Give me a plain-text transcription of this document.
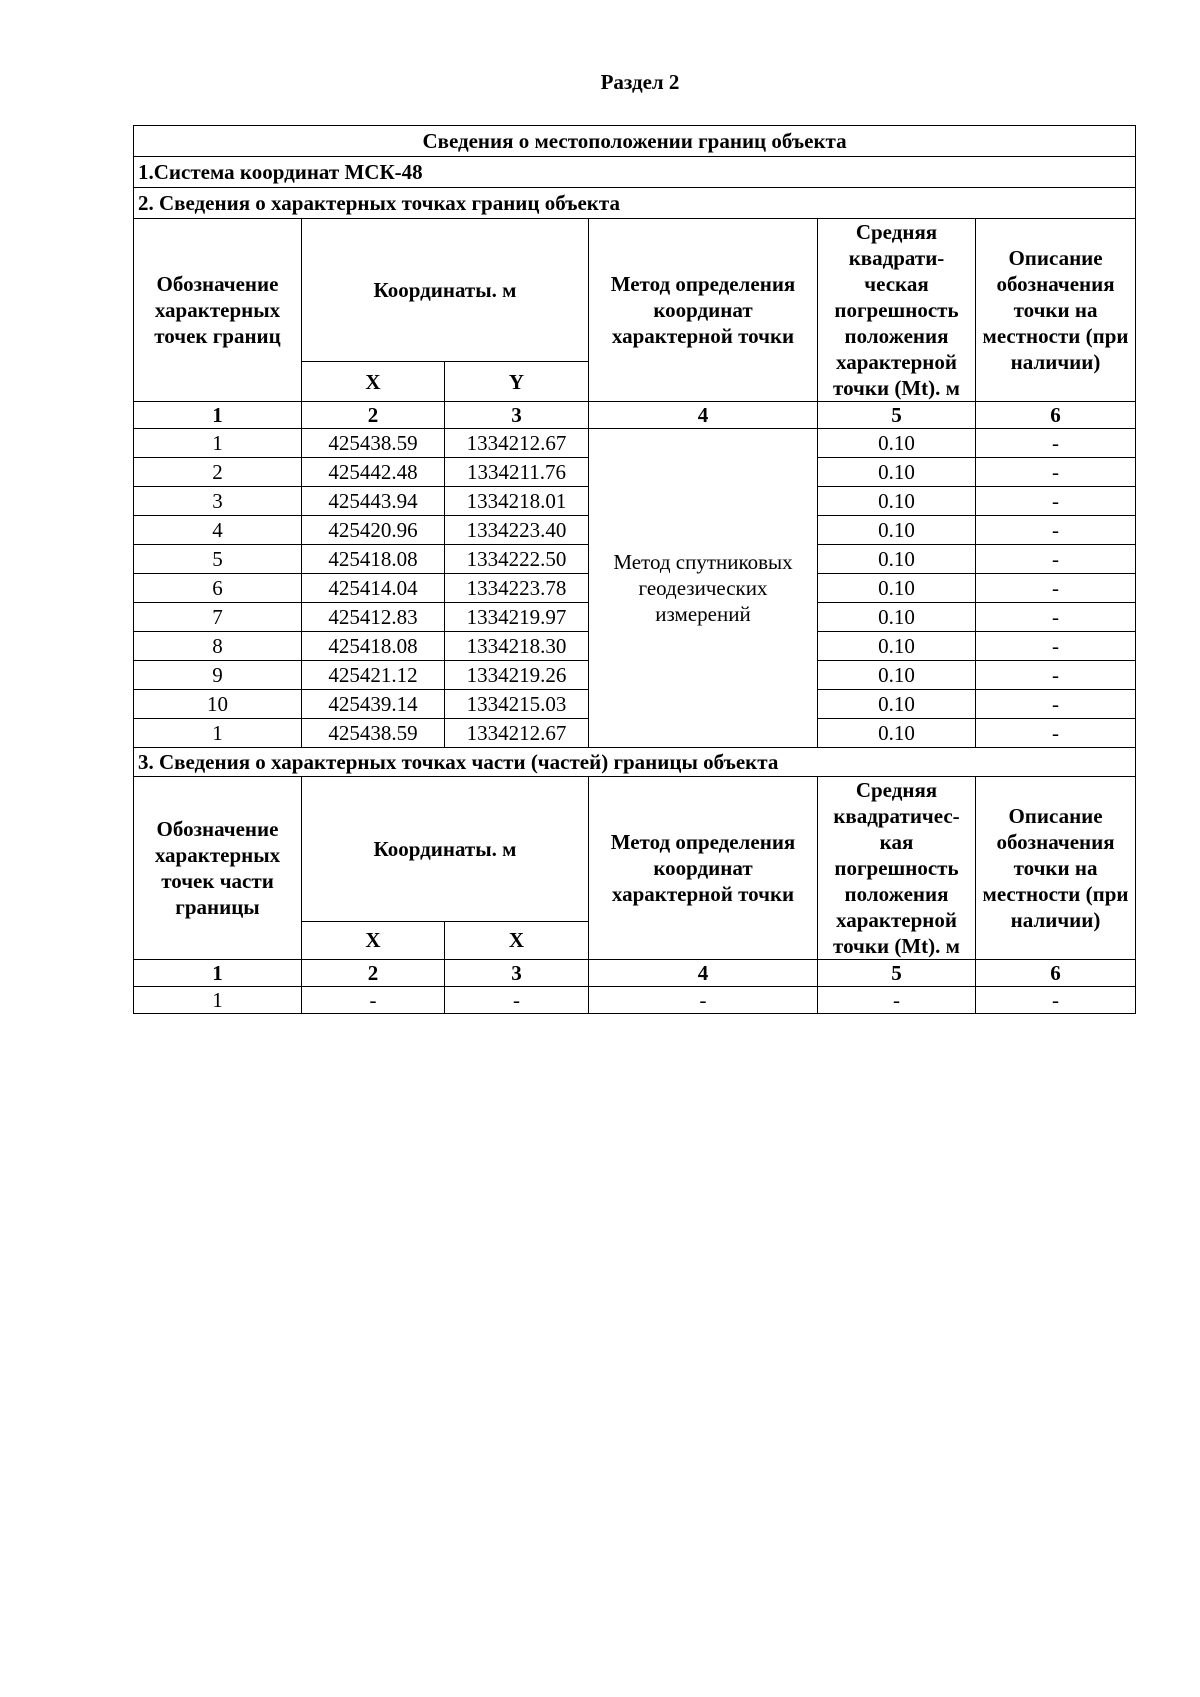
Раздел 2
Сведения о местоположении границ объекта					
1.Система координат МСК-48					
2. Сведения о характерных точках границ объекта					
Обозначение характерных точек границ	Координаты. м		Метод определения координат характерной точки	Средняя квадрати-ческая погрешность положения характерной точки (Mt). м	Описание обозначения точки на местности (при наличии)
	X	Y			
1	2	3	4	5	6
1	425438.59	1334212.67	Метод спутниковых геодезических измерений	0.10	-
2	425442.48	1334211.76		0.10	-
3	425443.94	1334218.01		0.10	-
4	425420.96	1334223.40		0.10	-
5	425418.08	1334222.50		0.10	-
6	425414.04	1334223.78		0.10	-
7	425412.83	1334219.97		0.10	-
8	425418.08	1334218.30		0.10	-
9	425421.12	1334219.26		0.10	-
10	425439.14	1334215.03		0.10	-
1	425438.59	1334212.67		0.10	-
3. Сведения о характерных точках части (частей) границы объекта					
Обозначение характерных точек части границы	Координаты. м		Метод определения координат характерной точки	Средняя квадратичес-кая погрешность положения характерной точки (Mt). м	Описание обозначения точки на местности (при наличии)
	X	X			
1	2	3	4	5	6
1	-	-	-	-	-
